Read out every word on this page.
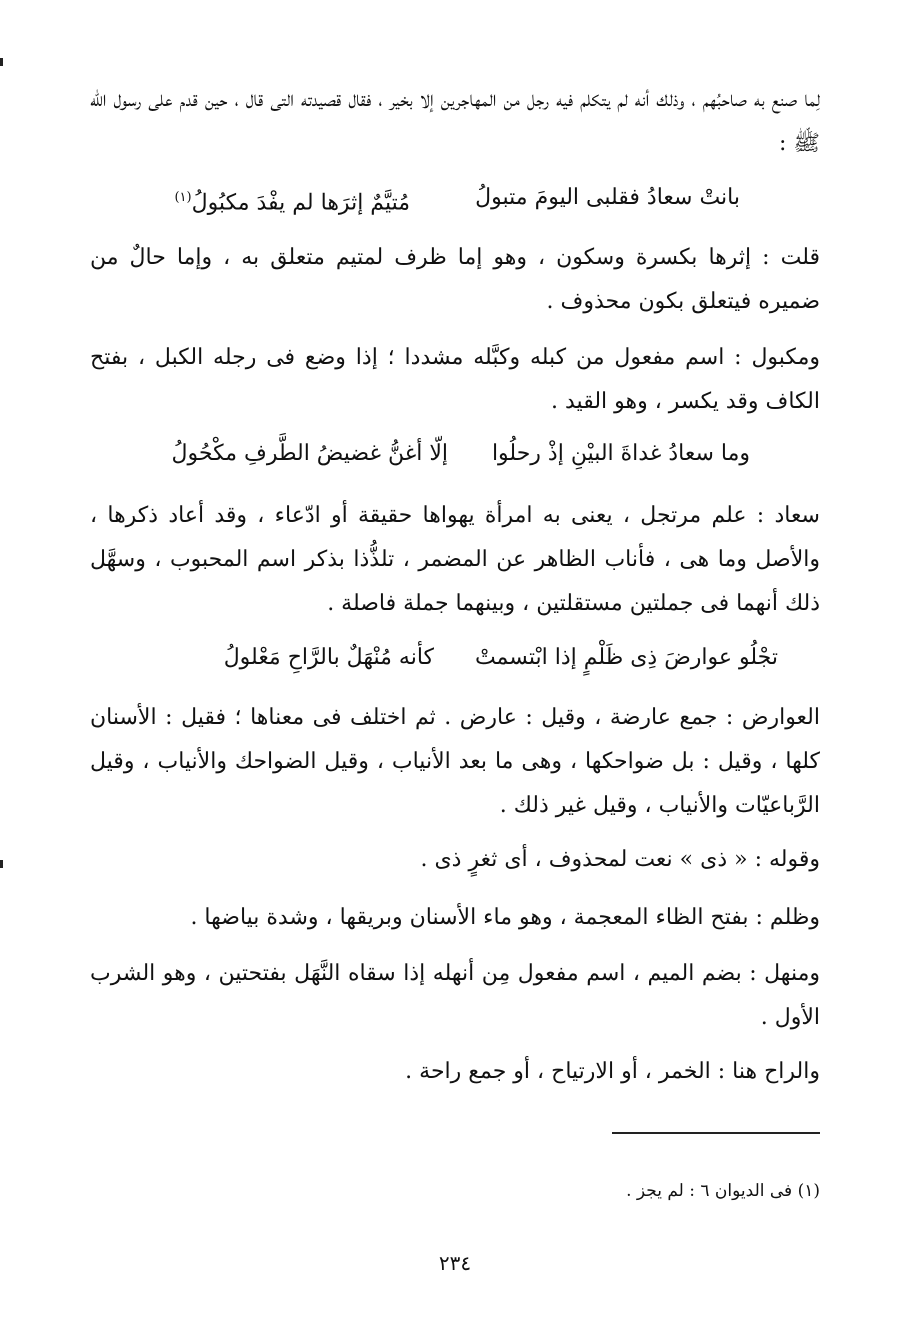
لِما صنع به صاحبُهم ، وذلك أنه لم يتكلم فيه رجل من المهاجرين إلا بخير ، فقال قصيدته التى قال ، حين قدم على رسول الله ﷺ :

بانتْ سعادُ فقلبى اليومَ متبولُ
مُتيَّمٌ إثرَها لم يفْدَ مكبُولُ$^{(١)}$

قلت : إثرها بكسرة وسكون ، وهو إما ظرف لمتيم متعلق به ، وإما حالٌ من ضميره فيتعلق بكون محذوف .

ومكبول : اسم مفعول من كبله وكبَّله مشددا ؛ إذا وضع فى رجله الكبل ، بفتح الكاف وقد يكسر ، وهو القيد .

وما سعادُ غداةَ البيْنِ إذْ رحلُوا
إلّا أغنُّ غضيضُ الطَّرفِ مكْحُولُ

سعاد : علم مرتجل ، يعنى به امرأة يهواها حقيقة أو ادّعاء ، وقد أعاد ذكرها ، والأصل وما هى ، فأناب الظاهر عن المضمر ، تلذُّذا بذكر اسم المحبوب ، وسهَّل ذلك أنهما فى جملتين مستقلتين ، وبينهما جملة فاصلة .

تجْلُو عوارضَ ذِى ظَلْمٍ إذا ابْتسمتْ
كأنه مُنْهَلٌ بالرَّاحِ مَعْلولُ

العوارض : جمع عارضة ، وقيل : عارض . ثم اختلف فى معناها ؛ فقيل : الأسنان كلها ، وقيل : بل ضواحكها ، وهى ما بعد الأنياب ، وقيل الضواحك والأنياب ، وقيل الرَّباعيّات والأنياب ، وقيل غير ذلك .

وقوله : « ذى » نعت لمحذوف ، أى ثغرٍ ذى .

وظلم : بفتح الظاء المعجمة ، وهو ماء الأسنان وبريقها ، وشدة بياضها .

ومنهل : بضم الميم ، اسم مفعول مِن أنهله إذا سقاه النَّهَل بفتحتين ، وهو الشرب الأول .

والراح هنا : الخمر ، أو الارتياح ، أو جمع راحة .

(١) فى الديوان ٦ : لم يجز .
٢٣٤
